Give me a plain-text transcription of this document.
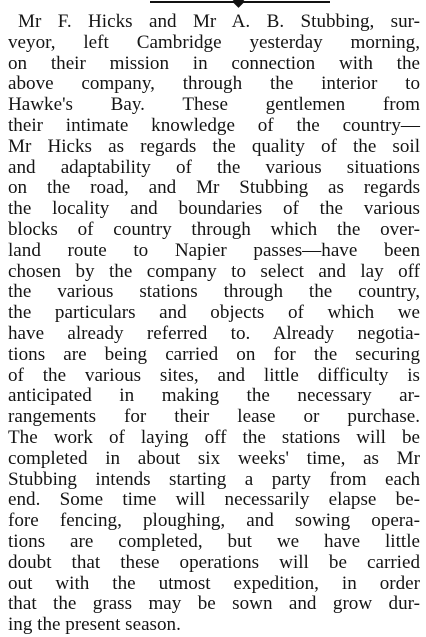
Mr F. Hicks and Mr A. B. Stubbing, sur-
veyor, left Cambridge yesterday morning,
on their mission in connection with the
above company, through the interior to
Hawke's Bay. These gentlemen from
their intimate knowledge of the country—
Mr Hicks as regards the quality of the soil
and adaptability of the various situations
on the road, and Mr Stubbing as regards
the locality and boundaries of the various
blocks of country through which the over-
land route to Napier passes—have been
chosen by the company to select and lay off
the various stations through the country,
the particulars and objects of which we
have already referred to. Already negotia-
tions are being carried on for the securing
of the various sites, and little difficulty is
anticipated in making the necessary ar-
rangements for their lease or purchase.
The work of laying off the stations will be
completed in about six weeks' time, as Mr
Stubbing intends starting a party from each
end. Some time will necessarily elapse be-
fore fencing, ploughing, and sowing opera-
tions are completed, but we have little
doubt that these operations will be carried
out with the utmost expedition, in order
that the grass may be sown and grow dur-
ing the present season.
